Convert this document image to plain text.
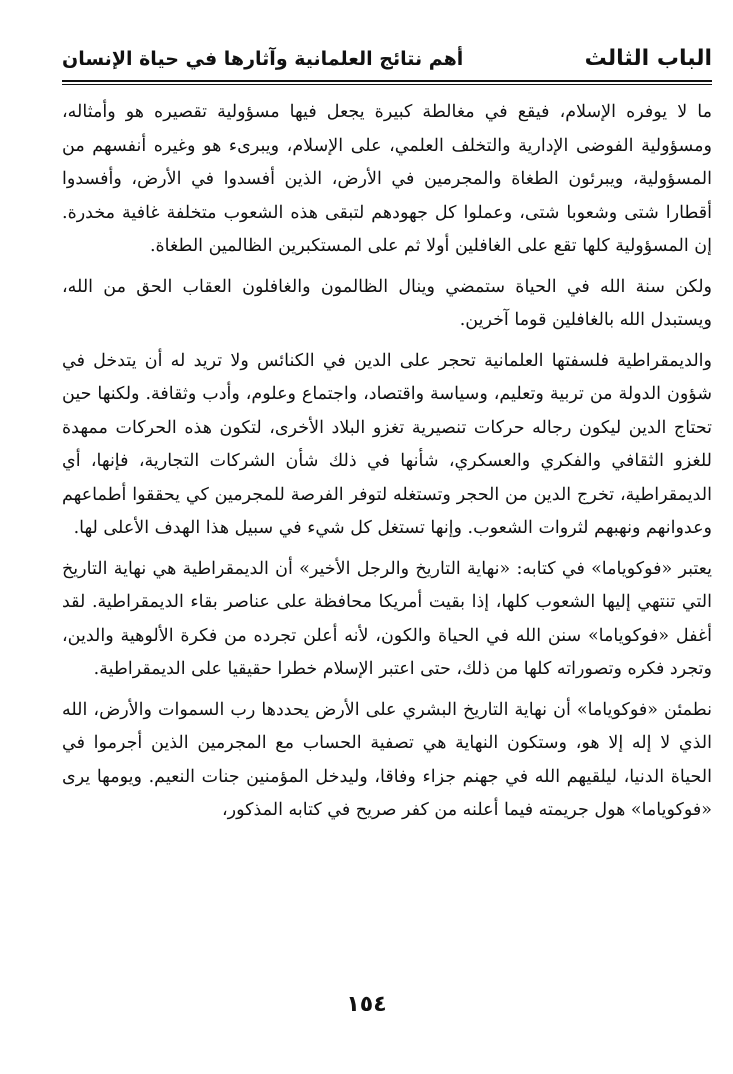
الباب الثالث
أهم نتائج العلمانية وآثارها في حياة الإنسان

ما لا يوفره الإسلام، فيقع في مغالطة كبيرة يجعل فيها مسؤولية تقصيره هو وأمثاله، ومسؤولية الفوضى الإدارية والتخلف العلمي، على الإسلام، ويبرىء هو وغيره أنفسهم من المسؤولية، ويبرئون الطغاة والمجرمين في الأرض، الذين أفسدوا في الأرض، وأفسدوا أقطارا شتى وشعوبا شتى، وعملوا كل جهودهم لتبقى هذه الشعوب متخلفة غافية مخدرة. إن المسؤولية كلها تقع على الغافلين أولا ثم على المستكبرين الظالمين الطغاة.

ولكن سنة الله في الحياة ستمضي وينال الظالمون والغافلون العقاب الحق من الله، ويستبدل الله بالغافلين قوما آخرين.

والديمقراطية فلسفتها العلمانية تحجر على الدين في الكنائس ولا تريد له أن يتدخل في شؤون الدولة من تربية وتعليم، وسياسة واقتصاد، واجتماع وعلوم، وأدب وثقافة. ولكنها حين تحتاج الدين ليكون رجاله حركات تنصيرية تغزو البلاد الأخرى، لتكون هذه الحركات ممهدة للغزو الثقافي والفكري والعسكري، شأنها في ذلك شأن الشركات التجارية، فإنها، أي الديمقراطية، تخرج الدين من الحجر وتستغله لتوفر الفرصة للمجرمين كي يحققوا أطماعهم وعدوانهم ونهبهم لثروات الشعوب. وإنها تستغل كل شيء في سبيل هذا الهدف الأعلى لها.

يعتبر «فوكوياما» في كتابه: «نهاية التاريخ والرجل الأخير» أن الديمقراطية هي نهاية التاريخ التي تنتهي إليها الشعوب كلها، إذا بقيت أمريكا محافظة على عناصر بقاء الديمقراطية. لقد أغفل «فوكوياما» سنن الله في الحياة والكون، لأنه أعلن تجرده من فكرة الألوهية والدين، وتجرد فكره وتصوراته كلها من ذلك، حتى اعتبر الإسلام خطرا حقيقيا على الديمقراطية.

نطمئن «فوكوياما» أن نهاية التاريخ البشري على الأرض يحددها رب السموات والأرض، الله الذي لا إله إلا هو، وستكون النهاية هي تصفية الحساب مع المجرمين الذين أجرموا في الحياة الدنيا، ليلقيهم الله في جهنم جزاء وفاقا، وليدخل المؤمنين جنات النعيم. ويومها يرى «فوكوياما» هول جريمته فيما أعلنه من كفر صريح في كتابه المذكور،

١٥٤
